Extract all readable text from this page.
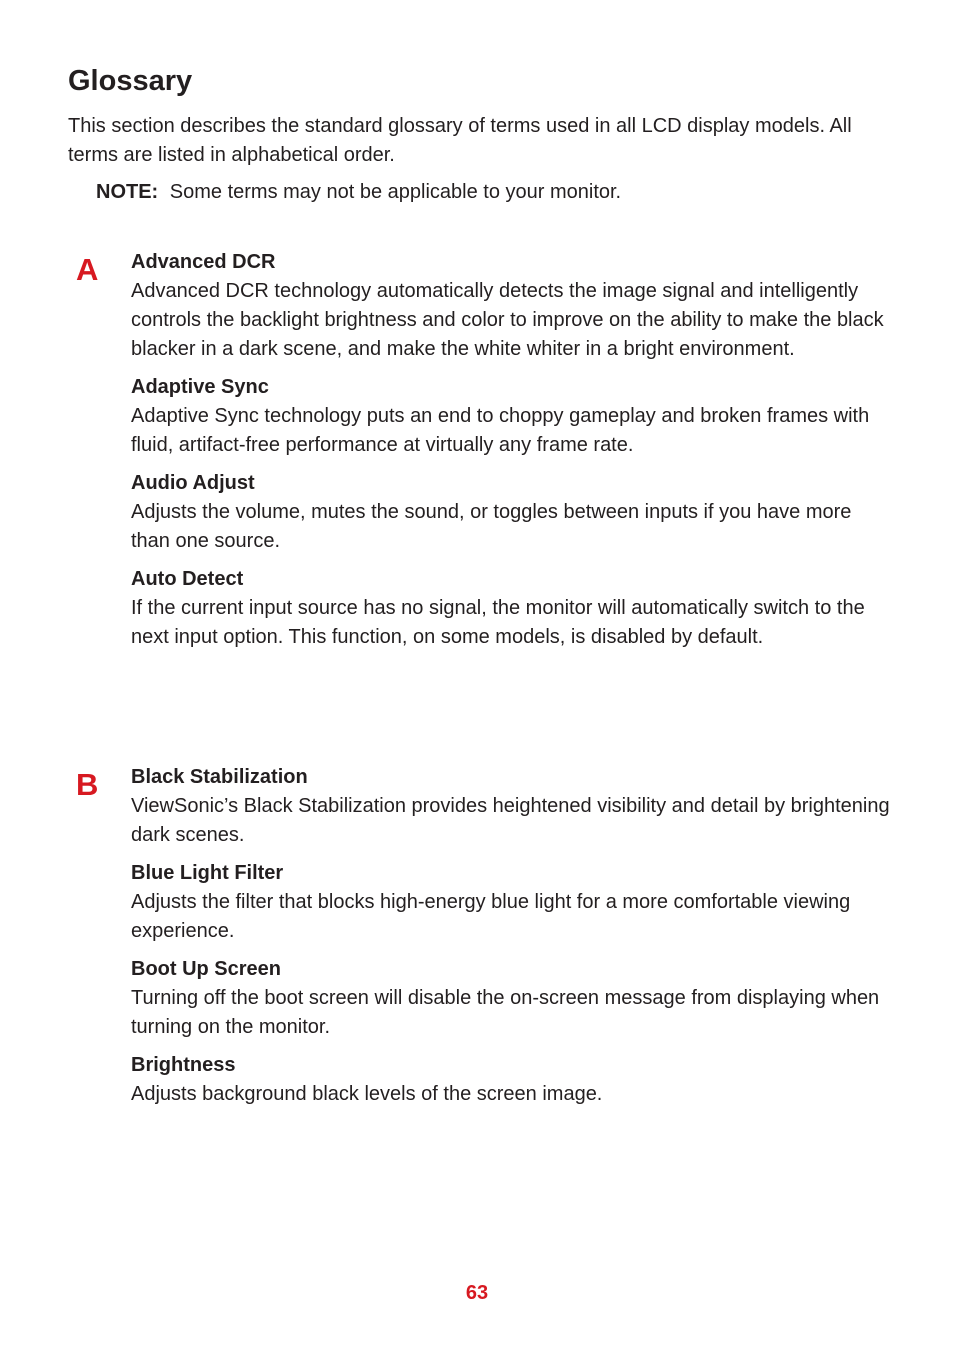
Glossary

This section describes the standard glossary of terms used in all LCD display models. All terms are listed in alphabetical order.

NOTE: Some terms may not be applicable to your monitor.

A Advanced DCR

Advanced DCR technology automatically detects the image signal and intelligently controls the backlight brightness and color to improve on the ability to make the black blacker in a dark scene, and make the white whiter in a bright environment.

Adaptive Sync

Adaptive Sync technology puts an end to choppy gameplay and broken frames with fluid, artifact-free performance at virtually any frame rate.

Audio Adjust

Adjusts the volume, mutes the sound, or toggles between inputs if you have more than one source.

Auto Detect

If the current input source has no signal, the monitor will automatically switch to the next input option. This function, on some models, is disabled by default.

B Black Stabilization

ViewSonic’s Black Stabilization provides heightened visibility and detail by brightening dark scenes.

Blue Light Filter

Adjusts the filter that blocks high-energy blue light for a more comfortable viewing experience.

Boot Up Screen

Turning off the boot screen will disable the on-screen message from displaying when turning on the monitor.

Brightness

Adjusts background black levels of the screen image.

63
